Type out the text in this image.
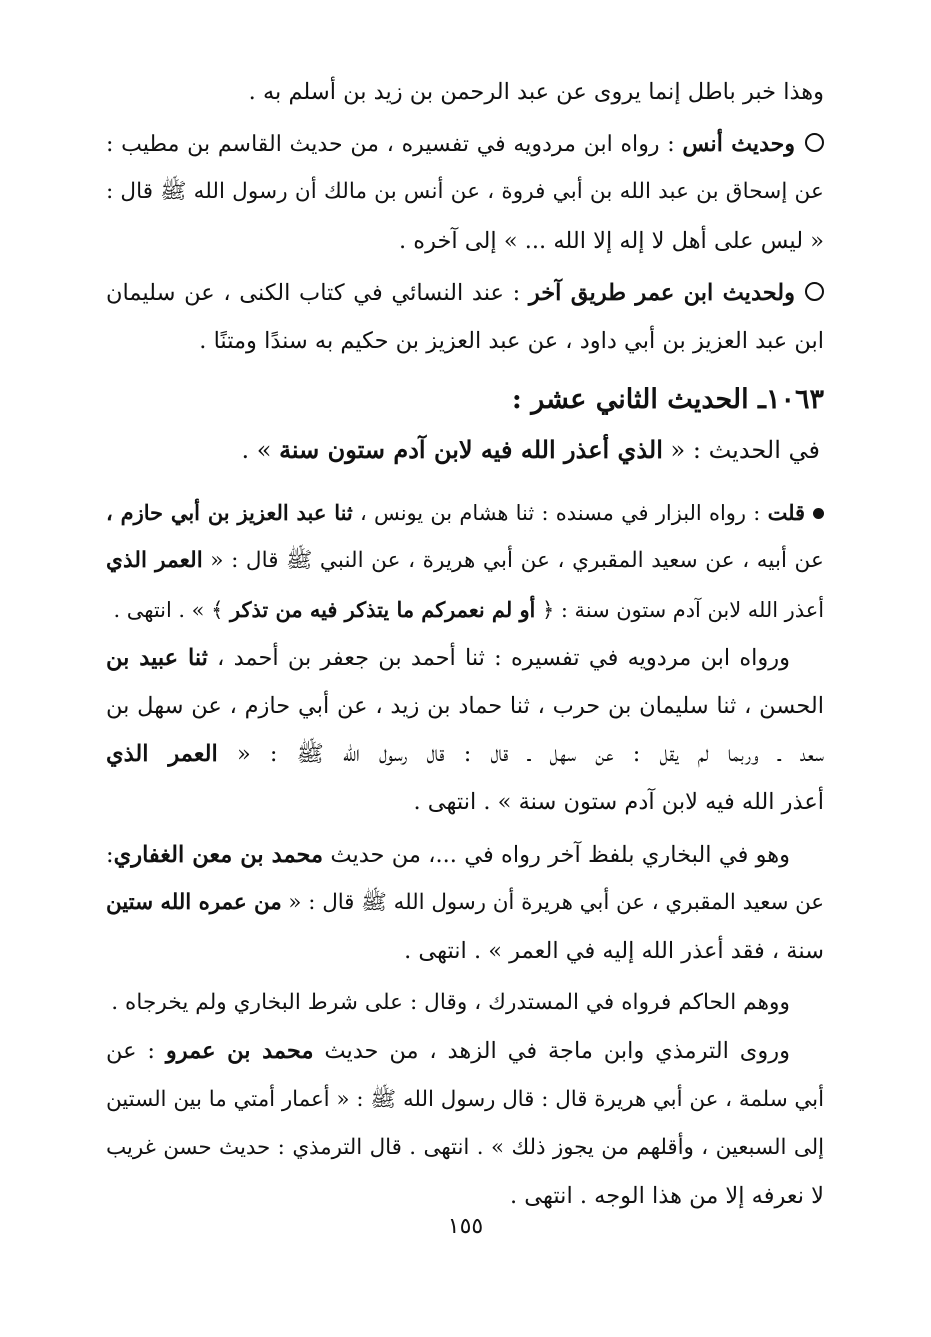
وهذا خبر باطل إنما يروى عن عبد الرحمن بن زيد بن أسلم به .
وحديث أنس : رواه ابن مردويه في تفسيره ، من حديث القاسم بن مطيب :
عن إسحاق بن عبد الله بن أبي فروة ، عن أنس بن مالك أن رسول الله ﷺ قال :
« ليس على أهل لا إله إلا الله ... » إلى آخره .
ولحديث ابن عمر طريق آخر : عند النسائي في كتاب الكنى ، عن سليمان
ابن عبد العزيز بن أبي داود ، عن عبد العزيز بن حكيم به سندًا ومتنًا .
١٠٦٣ـ الحديث الثاني عشر :
في الحديث : « الذي أعذر الله فيه لابن آدم ستون سنة » .
قلت : رواه البزار في مسنده : ثنا هشام بن يونس ، ثنا عبد العزيز بن أبي حازم ،
عن أبيه ، عن سعيد المقبري ، عن أبي هريرة ، عن النبي ﷺ قال : « العمر الذي
أعذر الله لابن آدم ستون سنة : ﴿ أو لم نعمركم ما يتذكر فيه من تذكر ﴾ » . انتهى .
ورواه ابن مردويه في تفسيره : ثنا أحمد بن جعفر بن أحمد ، ثنا عبيد بن
الحسن ، ثنا سليمان بن حرب ، ثنا حماد بن زيد ، عن أبي حازم ، عن سهل بن
سعد ـ وربما لم يقل : عن سهل ـ قال : قال رسول الله ﷺ : « العمر الذي
أعذر الله فيه لابن آدم ستون سنة » . انتهى .
وهو في البخاري بلفظ آخر رواه في ...، من حديث محمد بن معن الغفاري:
عن سعيد المقبري ، عن أبي هريرة أن رسول الله ﷺ قال : « من عمره الله ستين
سنة ، فقد أعذر الله إليه في العمر » . انتهى .
ووهم الحاكم فرواه في المستدرك ، وقال : على شرط البخاري ولم يخرجاه .
وروى الترمذي وابن ماجة في الزهد ، من حديث محمد بن عمرو : عن
أبي سلمة ، عن أبي هريرة قال : قال رسول الله ﷺ : « أعمار أمتي ما بين الستين
إلى السبعين ، وأقلهم من يجوز ذلك » . انتهى . قال الترمذي : حديث حسن غريب
لا نعرفه إلا من هذا الوجه . انتهى .
١٥٥
